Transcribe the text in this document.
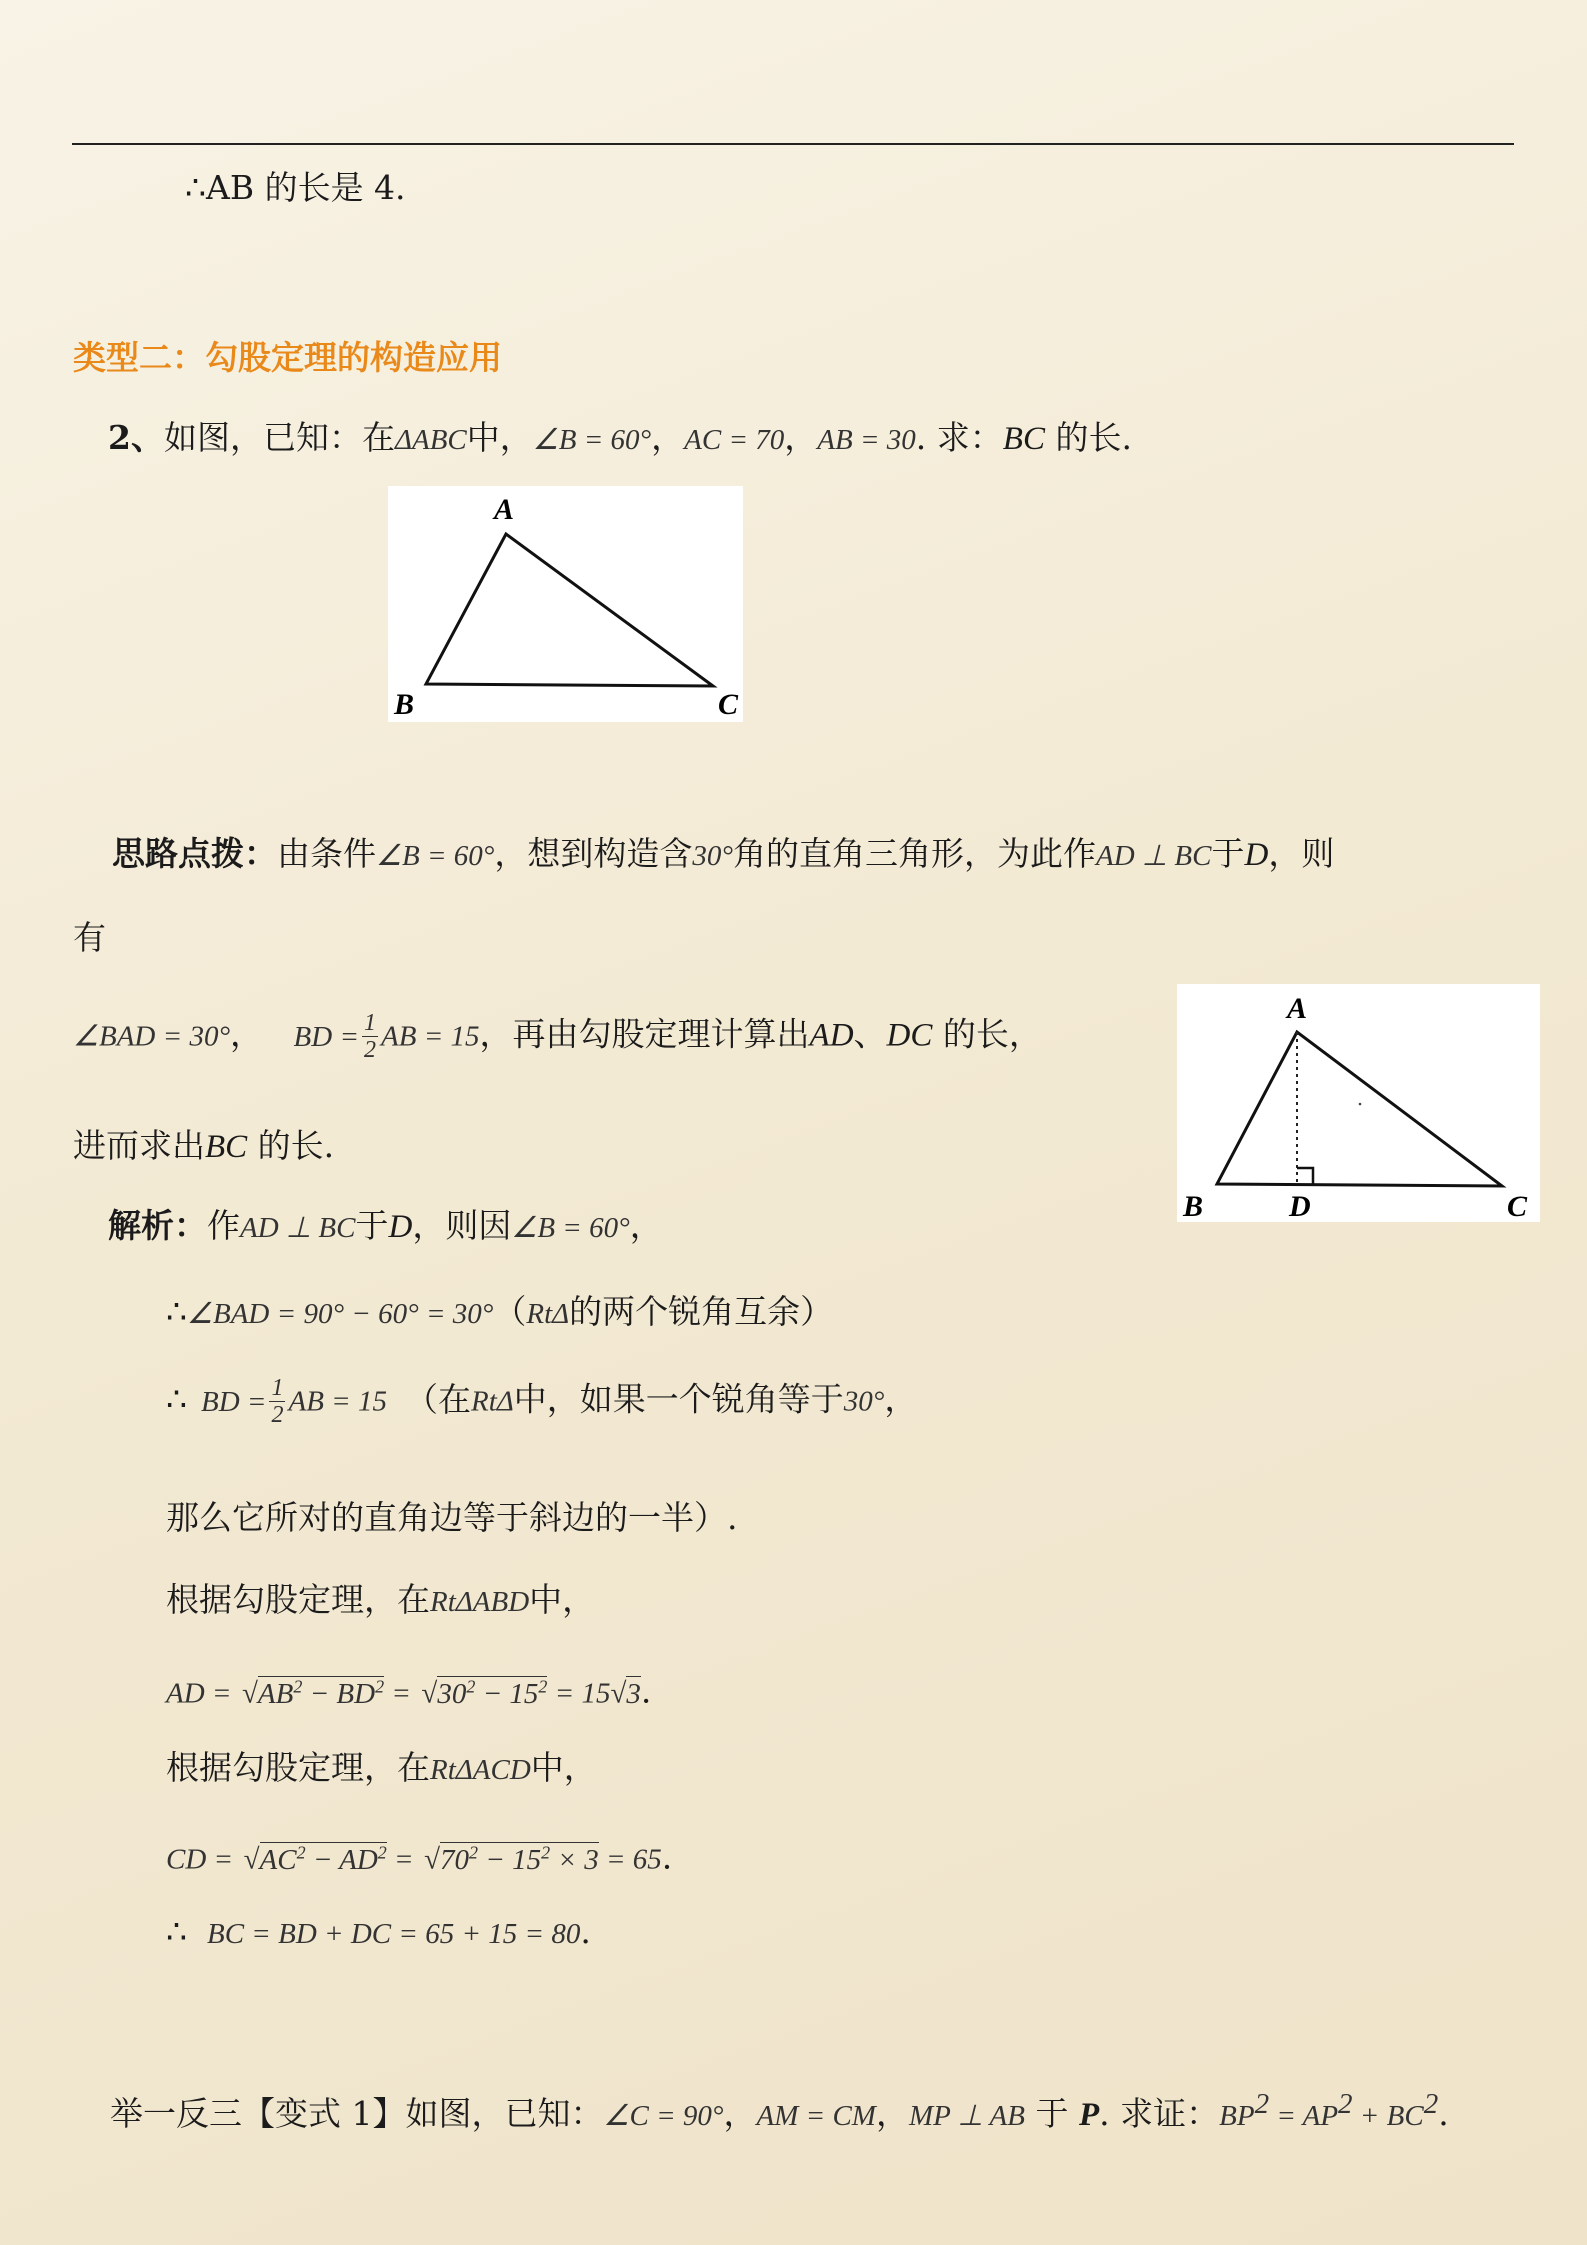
∴AB 的长是 4.
类型二：勾股定理的构造应用
2、如图，已知：在ΔABC中，∠B = 60°，AC = 70，AB = 30. 求：BC 的长.
A
B	C
思路点拨：由条件∠B = 60°，想到构造含30°角的直角三角形，为此作AD ⊥ BC于D，则
有
∠BAD = 30°， BD = $\frac{1}{2}$ AB = 15，再由勾股定理计算出AD、DC 的长，
进而求出BC 的长.
A
B	D	C
解析：作AD ⊥ BC于D，则因∠B = 60°，
∴∠BAD = 90° − 60° = 30°（RtΔ的两个锐角互余）
∴ BD = $\frac{1}{2}$ AB = 15 （在RtΔ中，如果一个锐角等于30°，
那么它所对的直角边等于斜边的一半）.
根据勾股定理，在RtΔABD中，
AD = $√AB^2 - BD^2 = √30^2 - 15^2 = 15√3$.
根据勾股定理，在RtΔACD中，
CD = $√AC^2 - AD^2 = √70^2 - 15^2 \times 3 = 65$.
∴ BC = BD + DC = 65 + 15 = 80.
举一反三【变式 1】如图，已知：∠C = 90°，AM = CM，MP ⊥ AB 于 P. 求证：$BP^2 = AP^2 + BC^2$.
